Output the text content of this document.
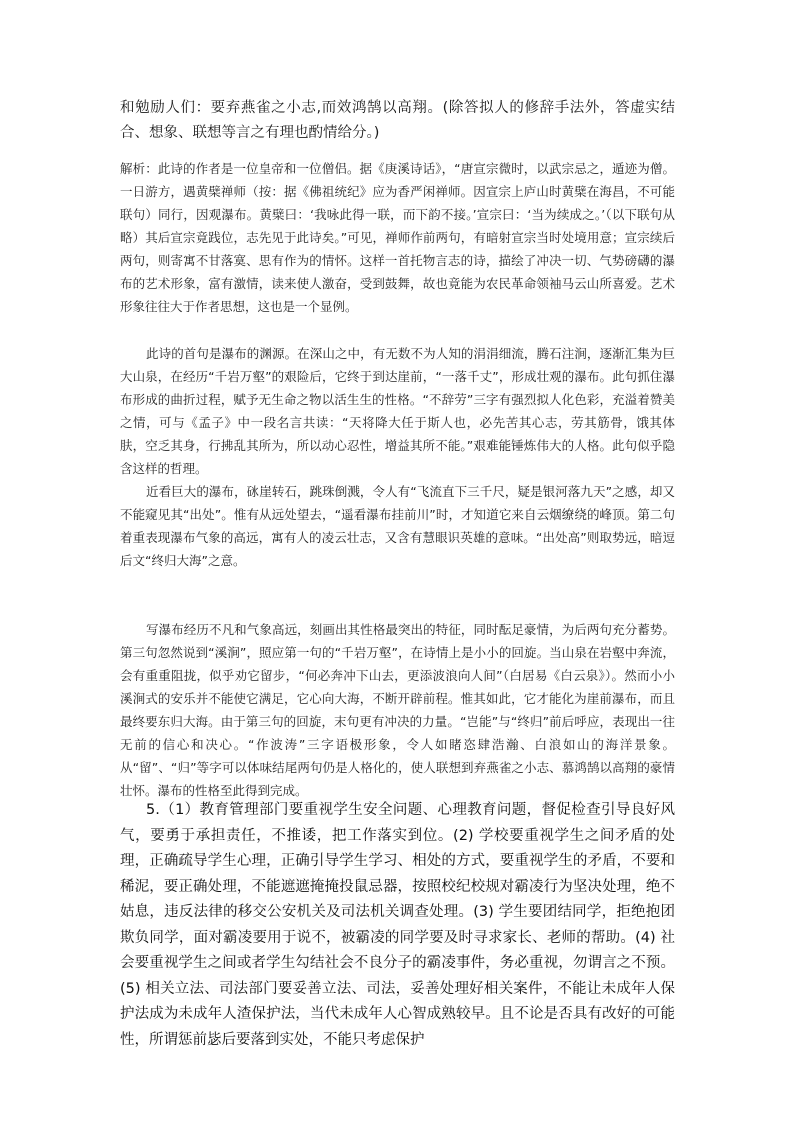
和勉励人们：要弃燕雀之小志,而效鸿鹄以高翔。(除答拟人的修辞手法外，答虚实结合、想象、联想等言之有理也酌情给分。)

解析：此诗的作者是一位皇帝和一位僧侣。据《庚溪诗话》，“唐宣宗微时，以武宗忌之，遁迹为僧。一日游方，遇黄檗禅师（按：据《佛祖统纪》应为香严闲禅师。因宣宗上庐山时黄檗在海昌，不可能联句）同行，因观瀑布。黄檗曰：‘我咏此得一联，而下韵不接。’宣宗曰：‘当为续成之。’（以下联句从略）其后宣宗竟践位，志先见于此诗矣。”可见，禅师作前两句，有暗射宣宗当时处境用意；宣宗续后两句，则寄寓不甘落寞、思有作为的情怀。这样一首托物言志的诗，描绘了冲决一切、气势磅礴的瀑布的艺术形象，富有激情，读来使人激奋，受到鼓舞，故也竟能为农民革命领袖马云山所喜爱。艺术形象往往大于作者思想，这也是一个显例。

此诗的首句是瀑布的渊源。在深山之中，有无数不为人知的涓涓细流，腾石注涧，逐渐汇集为巨大山泉，在经历“千岩万壑”的艰险后，它终于到达崖前，“一落千丈”，形成壮观的瀑布。此句抓住瀑布形成的曲折过程，赋予无生命之物以活生生的性格。“不辞劳”三字有强烈拟人化色彩，充溢着赞美之情，可与《孟子》中一段名言共读：“天将降大任于斯人也，必先苦其心志，劳其筋骨，饿其体肤，空乏其身，行拂乱其所为，所以动心忍性，增益其所不能。”艰难能锤炼伟大的人格。此句似乎隐含这样的哲理。

近看巨大的瀑布，砯崖转石，跳珠倒溅，令人有“飞流直下三千尺，疑是银河落九天”之感，却又不能窥见其“出处”。惟有从远处望去，“遥看瀑布挂前川”时，才知道它来自云烟缭绕的峰顶。第二句着重表现瀑布气象的高远，寓有人的凌云壮志，又含有慧眼识英雄的意味。“出处高”则取势远，暗逗后文“终归大海”之意。

写瀑布经历不凡和气象高远，刻画出其性格最突出的特征，同时酝足豪情，为后两句充分蓄势。第三句忽然说到“溪涧”，照应第一句的“千岩万壑”，在诗情上是小小的回旋。当山泉在岩壑中奔流，会有重重阻拢，似乎劝它留步，“何必奔冲下山去，更添波浪向人间”（白居易《白云泉》）。然而小小溪涧式的安乐并不能使它满足，它心向大海，不断开辟前程。惟其如此，它才能化为崖前瀑布，而且最终要东归大海。由于第三句的回旋，末句更有冲决的力量。“岂能”与“终归”前后呼应，表现出一往无前的信心和决心。“作波涛”三字语极形象，令人如睹恣肆浩瀚、白浪如山的海洋景象。从“留”、“归”等字可以体味结尾两句仍是人格化的，使人联想到弃燕雀之小志、慕鸿鹄以高翔的豪情壮怀。瀑布的性格至此得到完成。

5.（1）教育管理部门要重视学生安全问题、心理教育问题，督促检查引导良好风气，要勇于承担责任，不推诿，把工作落实到位。(2) 学校要重视学生之间矛盾的处理，正确疏导学生心理，正确引导学生学习、相处的方式，要重视学生的矛盾，不要和稀泥，要正确处理，不能遮遮掩掩投鼠忌器，按照校纪校规对霸凌行为坚决处理，绝不姑息，违反法律的移交公安机关及司法机关调查处理。(3) 学生要团结同学，拒绝抱团欺负同学，面对霸凌要用于说不，被霸凌的同学要及时寻求家长、老师的帮助。(4) 社会要重视学生之间或者学生勾结社会不良分子的霸凌事件，务必重视，勿谓言之不预。(5) 相关立法、司法部门要妥善立法、司法，妥善处理好相关案件，不能让未成年人保护法成为未成年人渣保护法，当代未成年人心智成熟较早。且不论是否具有改好的可能性，所谓惩前毖后要落到实处，不能只考虑保护
